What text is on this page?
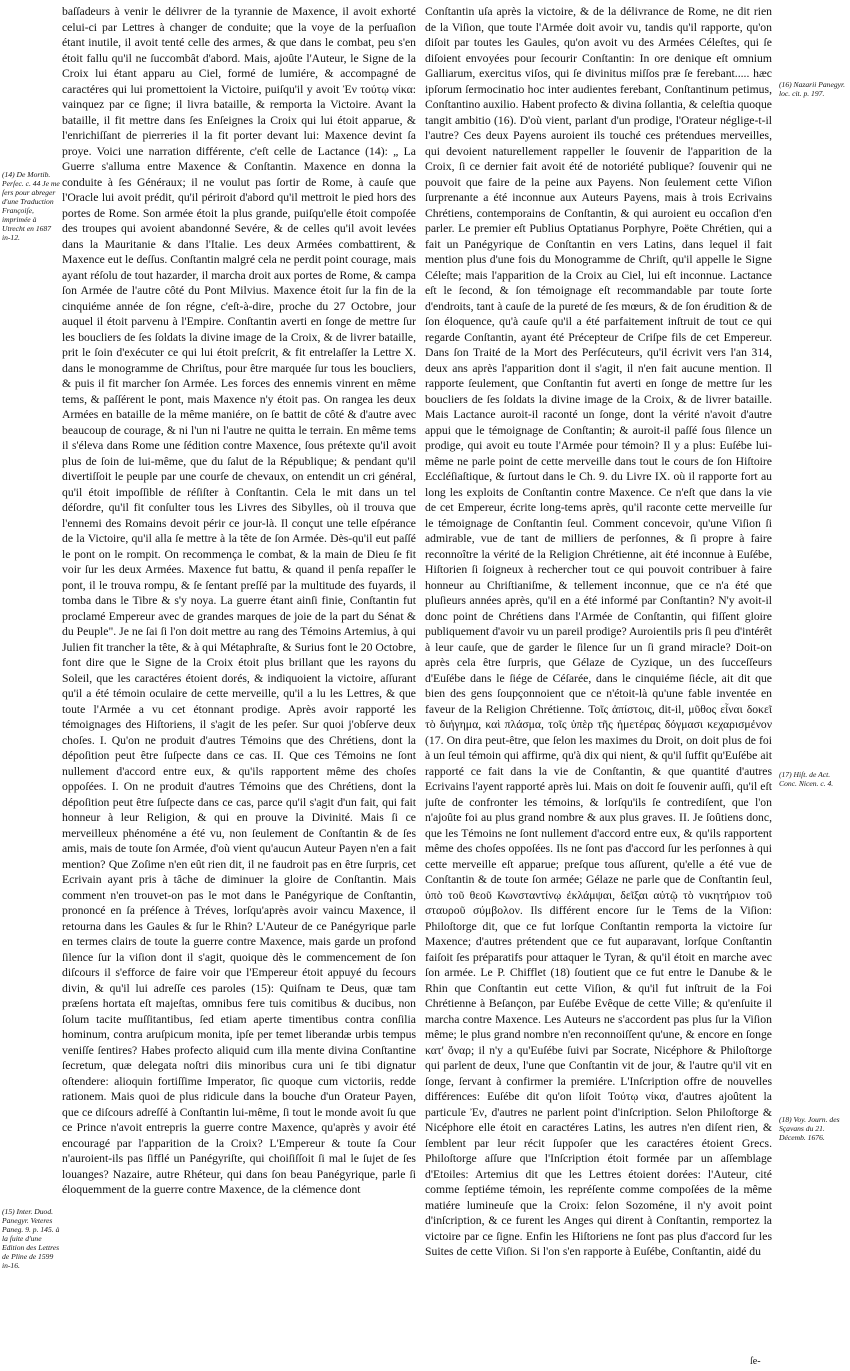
(14) De Mortib. Perſec. c. 44 Je me ſers pour abreger d'une Traduction Françoiſe, imprimée à Utrecht en 1687 in-12.
(15) Inter. Duod. Panegyr. Veteres Paneg. 9. p. 145. à la ſuite d'une Edition des Lettres de Pline de 1599 in-16.

baſſadeurs à venir le délivrer de la tyrannie de Maxence, il avoit exhorté celui-ci par Lettres à changer de conduite; que la voye de la perſuaſion étant inutile, il avoit tenté celle des armes, & que dans le combat, peu s'en étoit fallu qu'il ne ſuccombât d'abord. Mais, ajoûte l'Auteur, le Signe de la Croix lui étant apparu au Ciel, formé de lumiére, & accompagné de caractéres qui lui promettoient la Victoire, puiſqu'il y avoit Ἐν τούτῳ νίκα: vainquez par ce ſigne; il livra bataille, & remporta la Victoire. Avant la bataille, il fit mettre dans ſes Enſeignes la Croix qui lui étoit apparue, & l'enrichiſſant de pierreries il la fit porter devant lui: Maxence devint ſa proye. Voici une narration différente, c'eſt celle de Lactance (14): „ La Guerre s'alluma entre Maxence & Conſtantin. Maxence en donna la conduite à ſes Généraux; il ne voulut pas ſortir de Rome, à cauſe que l'Oracle lui avoit prédit, qu'il périroit d'abord qu'il mettroit le pied hors des portes de Rome. Son armée étoit la plus grande, puiſqu'elle étoit compoſée des troupes qui avoient abandonné Sevére, & de celles qu'il avoit levées dans la Mauritanie & dans l'Italie. Les deux Armées combattirent, & Maxence eut le deſſus. Conſtantin malgré cela ne perdit point courage, mais ayant réſolu de tout hazarder, il marcha droit aux portes de Rome, & campa ſon Armée de l'autre côté du Pont Milvius. Maxence étoit ſur la fin de la cinquiéme année de ſon régne, c'eſt-à-dire, proche du 27 Octobre, jour auquel il étoit parvenu à l'Empire. Conſtantin averti en ſonge de mettre ſur les boucliers de ſes ſoldats la divine image de la Croix, & de livrer bataille, prit le ſoin d'exécuter ce qui lui étoit preſcrit, & fit entrelaſſer la Lettre X. dans le monogramme de Chriſtus, pour être marquée ſur tous les boucliers, & puis il fit marcher ſon Armée. Les forces des ennemis vinrent en même tems, & paſſérent le pont, mais Maxence n'y étoit pas. On rangea les deux Armées en bataille de la même maniére, on ſe battit de côté & d'autre avec beaucoup de courage, & ni l'un ni l'autre ne quitta le terrain. En même tems il s'éleva dans Rome une ſédition contre Maxence, ſous prétexte qu'il avoit plus de ſoin de lui-même, que du ſalut de la République; & pendant qu'il divertiſſoit le peuple par une courſe de chevaux, on entendit un cri général, qu'il étoit impoſſible de réſiſter à Conſtantin. Cela le mit dans un tel déſordre, qu'il fit conſulter tous les Livres des Sibylles, où il trouva que l'ennemi des Romains devoit périr ce jour-là. Il conçut une telle eſpérance de la Victoire, qu'il alla ſe mettre à la tête de ſon Armée. Dès-qu'il eut paſſé le pont on le rompit. On recommença le combat, & la main de Dieu ſe fit voir ſur les deux Armées. Maxence fut battu, & quand il penſa repaſſer le pont, il le trouva rompu, & ſe ſentant preſſé par la multitude des fuyards, il tomba dans le Tibre & s'y noya. La guerre étant ainſi finie, Conſtantin fut proclamé Empereur avec de grandes marques de joie de la part du Sénat & du Peuple". Je ne ſai ſi l'on doit mettre au rang des Témoins Artemius, à qui Julien fit trancher la tête, & à qui Métaphraſte, & Surius font le 20 Octobre, font dire que le Signe de la Croix étoit plus brillant que les rayons du Soleil, que les caractéres étoient dorés, & indiquoient la victoire, aſſurant qu'il a été témoin oculaire de cette merveille, qu'il a lu les Lettres, & que toute l'Armée a vu cet étonnant prodige. Après avoir rapporté les témoignages des Hiſtoriens, il s'agit de les peſer. Sur quoi j'obſerve deux choſes. I. Qu'on ne produit d'autres Témoins que des Chrétiens, dont la dépoſition peut être ſuſpecte dans ce cas. II. Que ces Témoins ne ſont nullement d'accord entre eux, & qu'ils rapportent même des choſes oppoſées. I. On ne produit d'autres Témoins que des Chrétiens, dont la dépoſition peut être ſuſpecte dans ce cas, parce qu'il s'agit d'un fait, qui fait honneur à leur Religion, & qui en prouve la Divinité. Mais ſi ce merveilleux phénoméne a été vu, non ſeulement de Conſtantin & de ſes amis, mais de toute ſon Armée, d'où vient qu'aucun Auteur Payen n'en a fait mention? Que Zoſime n'en eût rien dit, il ne faudroit pas en être ſurpris, cet Ecrivain ayant pris à tâche de diminuer la gloire de Conſtantin. Mais comment n'en trouvet-on pas le mot dans le Panégyrique de Conſtantin, prononcé en ſa préſence à Tréves, lorſqu'après avoir vaincu Maxence, il retourna dans les Gaules & ſur le Rhin? L'Auteur de ce Panégyrique parle en termes clairs de toute la guerre contre Maxence, mais garde un profond ſilence ſur la viſion dont il s'agit, quoique dès le commencement de ſon diſcours il s'efforce de faire voir que l'Empereur étoit appuyé du ſecours divin, & qu'il lui adreſſe ces paroles (15): Quiſnam te Deus, quæ tam præſens hortata eſt majeſtas, omnibus fere tuis comitibus & ducibus, non ſolum tacite muſſitantibus, ſed etiam aperte timentibus contra conſilia hominum, contra aruſpicum monita, ipſe per temet liberandæ urbis tempus veniſſe ſentires? Habes profecto aliquid cum illa mente divina Conſtantine ſecretum, quæ delegata noſtri diis minoribus cura uni ſe tibi dignatur oſtendere: alioquin fortiſſime Imperator, ſic quoque cum victoriis, redde rationem. Mais quoi de plus ridicule dans la bouche d'un Orateur Payen, que ce diſcours adreſſé à Conſtantin lui-même, ſi tout le monde avoit ſu que ce Prince n'avoit entrepris la guerre contre Maxence, qu'après y avoir été encouragé par l'apparition de la Croix? L'Empereur & toute ſa Cour n'auroient-ils pas ſifflé un Panégyriſte, qui choiſiſſoit ſi mal le ſujet de ſes louanges? Nazaire, autre Rhéteur, qui dans ſon beau Panégyrique, parle ſi éloquemment de la guerre contre Maxence, de la clémence dont

Conſtantin uſa après la victoire, & de la délivrance de Rome, ne dit rien de la Viſion, que toute l'Armée doit avoir vu, tandis qu'il rapporte, qu'on diſoit par toutes les Gaules, qu'on avoit vu des Armées Céleſtes, qui ſe diſoient envoyées pour ſecourir Conſtantin: In ore denique eſt omnium Galliarum, exercitus viſos, qui ſe divinitus miſſos præ ſe ferebant..... hæc ipſorum ſermocinatio hoc inter audientes ferebant, Conſtantinum petimus, Conſtantino auxilio. Habent profecto & divina ſollantia, & celeſtia quoque tangit ambitio (16). D'où vient, parlant d'un prodige, l'Orateur néglige-t-il l'autre? Ces deux Payens auroient ils touché ces prétendues merveilles, qui devoient naturellement rappeller le ſouvenir de l'apparition de la Croix, ſi ce dernier fait avoit été de notoriété publique? ſouvenir qui ne pouvoit que faire de la peine aux Payens. Non ſeulement cette Viſion ſurprenante a été inconnue aux Auteurs Payens, mais à trois Ecrivains Chrétiens, contemporains de Conſtantin, & qui auroient eu occaſion d'en parler. Le premier eſt Publius Optatianus Porphyre, Poëte Chrétien, qui a fait un Panégyrique de Conſtantin en vers Latins, dans lequel il fait mention plus d'une fois du Monogramme de Chriſt, qu'il appelle le Signe Céleſte; mais l'apparition de la Croix au Ciel, lui eſt inconnue. Lactance eſt le ſecond, & ſon témoignage eſt recommandable par toute ſorte d'endroits, tant à cauſe de la pureté de ſes mœurs, & de ſon érudition & de ſon éloquence, qu'à cauſe qu'il a été parfaitement inſtruit de tout ce qui regarde Conſtantin, ayant été Précepteur de Criſpe fils de cet Empereur. Dans ſon Traité de la Mort des Perſécuteurs, qu'il écrivit vers l'an 314, deux ans après l'apparition dont il s'agit, il n'en fait aucune mention. Il rapporte ſeulement, que Conſtantin fut averti en ſonge de mettre ſur les boucliers de ſes ſoldats la divine image de la Croix, & de livrer bataille. Mais Lactance auroit-il raconté un ſonge, dont la vérité n'avoit d'autre appui que le témoignage de Conſtantin; & auroit-il paſſé ſous ſilence un prodige, qui avoit eu toute l'Armée pour témoin? Il y a plus: Euſébe lui-même ne parle point de cette merveille dans tout le cours de ſon Hiſtoire Eccléſiaſtique, & ſurtout dans le Ch. 9. du Livre IX. où il rapporte fort au long les exploits de Conſtantin contre Maxence. Ce n'eſt que dans la vie de cet Empereur, écrite long-tems après, qu'il raconte cette merveille ſur le témoignage de Conſtantin ſeul. Comment concevoir, qu'une Viſion ſi admirable, vue de tant de milliers de perſonnes, & ſi propre à faire reconnoître la vérité de la Religion Chrétienne, ait été inconnue à Euſébe, Hiſtorien ſi ſoigneux à rechercher tout ce qui pouvoit contribuer à faire honneur au Chriſtianiſme, & tellement inconnue, que ce n'a été que pluſieurs années après, qu'il en a été informé par Conſtantin? N'y avoit-il donc point de Chrétiens dans l'Armée de Conſtantin, qui fiſſent gloire publiquement d'avoir vu un pareil prodige? Auroientils pris ſi peu d'intérêt à leur cauſe, que de garder le ſilence ſur un ſi grand miracle? Doit-on après cela être ſurpris, que Gélaze de Cyzique, un des ſucceſſeurs d'Euſébe dans le ſiége de Céſarée, dans le cinquiéme ſiécle, ait dit que bien des gens ſoupçonnoient que ce n'étoit-là qu'une fable inventée en faveur de la Religion Chrétienne. Τοῖς ἀπίστοις, dit-il, μῦθος εἶναι δοκεῖ τὸ διήγημα, καὶ πλάσμα, τοῖς ὑπὲρ τῆς ἡμετέρας δόγμασι κεχαρισμένον (17. On dira peut-être, que ſelon les maximes du Droit, on doit plus de foi à un ſeul témoin qui affirme, qu'à dix qui nient, & qu'il ſuffit qu'Euſébe ait rapporté ce fait dans la vie de Conſtantin, & que quantité d'autres Ecrivains l'ayent rapporté après lui. Mais on doit ſe ſouvenir auſſi, qu'il eſt juſte de confronter les témoins, & lorſqu'ils ſe contrediſent, que l'on n'ajoûte foi au plus grand nombre & aux plus graves. II. Je ſoûtiens donc, que les Témoins ne ſont nullement d'accord entre eux, & qu'ils rapportent même des choſes oppoſées. Ils ne ſont pas d'accord ſur les perſonnes à qui cette merveille eſt apparue; preſque tous aſſurent, qu'elle a été vue de Conſtantin & de toute ſon armée; Gélaze ne parle que de Conſtantin ſeul, ὑπὸ τοῦ θεοῦ Κωνσταντίνῳ ἐκλάμψαι, δεῖξαι αὐτῷ τὸ νικητήριον τοῦ σταυροῦ σύμβολον. Ils différent encore ſur le Tems de la Viſion: Philoſtorge dit, que ce fut lorſque Conſtantin remporta la victoire ſur Maxence; d'autres prétendent que ce fut auparavant, lorſque Conſtantin faiſoit ſes préparatifs pour attaquer le Tyran, & qu'il étoit en marche avec ſon armée. Le P. Chifflet (18) ſoutient que ce fut entre le Danube & le Rhin que Conſtantin eut cette Viſion, & qu'il fut inſtruit de la Foi Chrétienne à Beſançon, par Euſébe Evêque de cette Ville; & qu'enſuite il marcha contre Maxence. Les Auteurs ne s'accordent pas plus ſur la Viſion même; le plus grand nombre n'en reconnoiſſent qu'une, & encore en ſonge κατ' ὄναρ; il n'y a qu'Euſébe ſuivi par Socrate, Nicéphore & Philoſtorge qui parlent de deux, l'une que Conſtantin vit de jour, & l'autre qu'il vit en ſonge, ſervant à confirmer la premiére. L'Inſcription offre de nouvelles différences: Euſébe dit qu'on liſoit Τούτῳ νίκα, d'autres ajoûtent la particule Ἐν, d'autres ne parlent point d'inſcription. Selon Philoſtorge & Nicéphore elle étoit en caractéres Latins, les autres n'en diſent rien, & ſemblent par leur récit ſuppoſer que les caractéres étoient Grecs. Philoſtorge aſſure que l'Inſcription étoit formée par un aſſemblage d'Etoiles: Artemius dit que les Lettres étoient dorées: l'Auteur, cité comme ſeptiéme témoin, les repréſente comme compoſées de la même matiére lumineuſe que la Croix: ſelon Sozoméne, il n'y avoit point d'inſcription, & ce furent les Anges qui dirent à Conſtantin, remportez la victoire par ce ſigne. Enfin les Hiſtoriens ne ſont pas plus d'accord ſur les Suites de cette Viſion. Si l'on s'en rapporte à Euſébe, Conſtantin, aidé du

(16) Nazarii Panegyr. loc. cit. p. 197.
(17) Hiſt. de Act. Conc. Nicen. c. 4.
(18) Voy. Journ. des Sçavans du 21. Décemb. 1676.
ſe-
